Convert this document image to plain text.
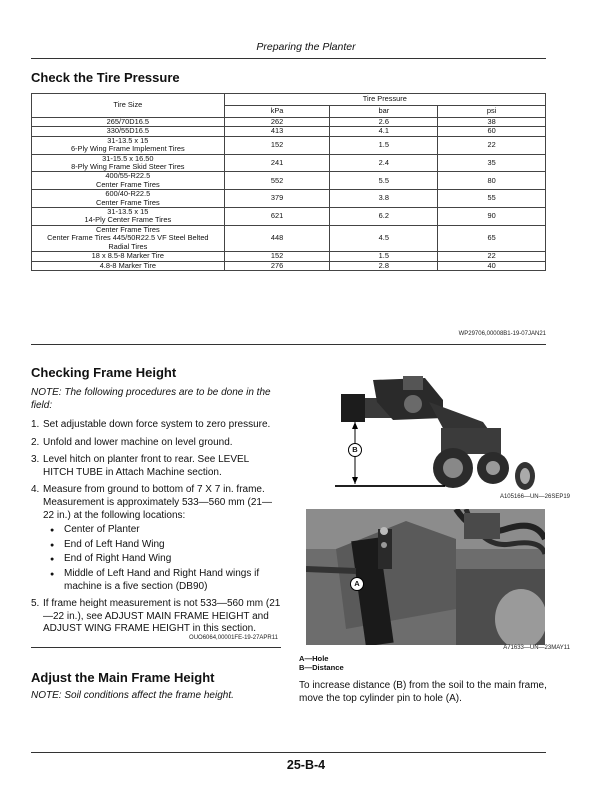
Preparing the Planter
Check the Tire Pressure
Tire Size	Tire Pressure		
	kPa	bar	psi

265/70D16.5	262	2.6	38

330/55D16.5	413	4.1	60

31-13.5 x 15
6-Ply Wing Frame Implement Tires	152	1.5	22

31-15.5 x 16.50
8-Ply Wing Frame Skid Steer Tires	241	2.4	35

400/55-R22.5
Center Frame Tires	552	5.5	80

600/40-R22.5
Center Frame Tires	379	3.8	55

31-13.5 x 15
14-Ply Center Frame Tires	621	6.2	90

Center Frame Tires
Center Frame Tires 445/50R22.5 VF Steel Belted
Radial Tires	448	4.5	65

18 x 8.5-8 Marker Tire	152	1.5	22

4.8-8 Marker Tire	276	2.8	40
WP29706,00008B1-19-07JAN21
Checking Frame Height
NOTE: The following procedures are to be done in the field:
1. Set adjustable down force system to zero pressure.
2. Unfold and lower machine on level ground.
3. Level hitch on planter front to rear. See LEVEL HITCH TUBE in Attach Machine section.
4. Measure from ground to bottom of 7 X 7 in. frame. Measurement is approximately 533—560 mm (21—22 in.) at the following locations:
● Center of Planter
● End of Left Hand Wing
● End of Right Hand Wing
● Middle of Left Hand and Right Hand wings if machine is a five section (DB90)
5. If frame height measurement is not 533—560 mm (21—22 in.), see ADJUST MAIN FRAME HEIGHT and ADJUST WING FRAME HEIGHT in this section.
OUO6064,00001FE-19-27APR11
Adjust the Main Frame Height
NOTE: Soil conditions affect the frame height.
B
A105166—UN—26SEP19
A
A71633—UN—23MAY11
A—Hole
B—Distance
To increase distance (B) from the soil to the main frame, move the top cylinder pin to hole (A).
25-B-4
